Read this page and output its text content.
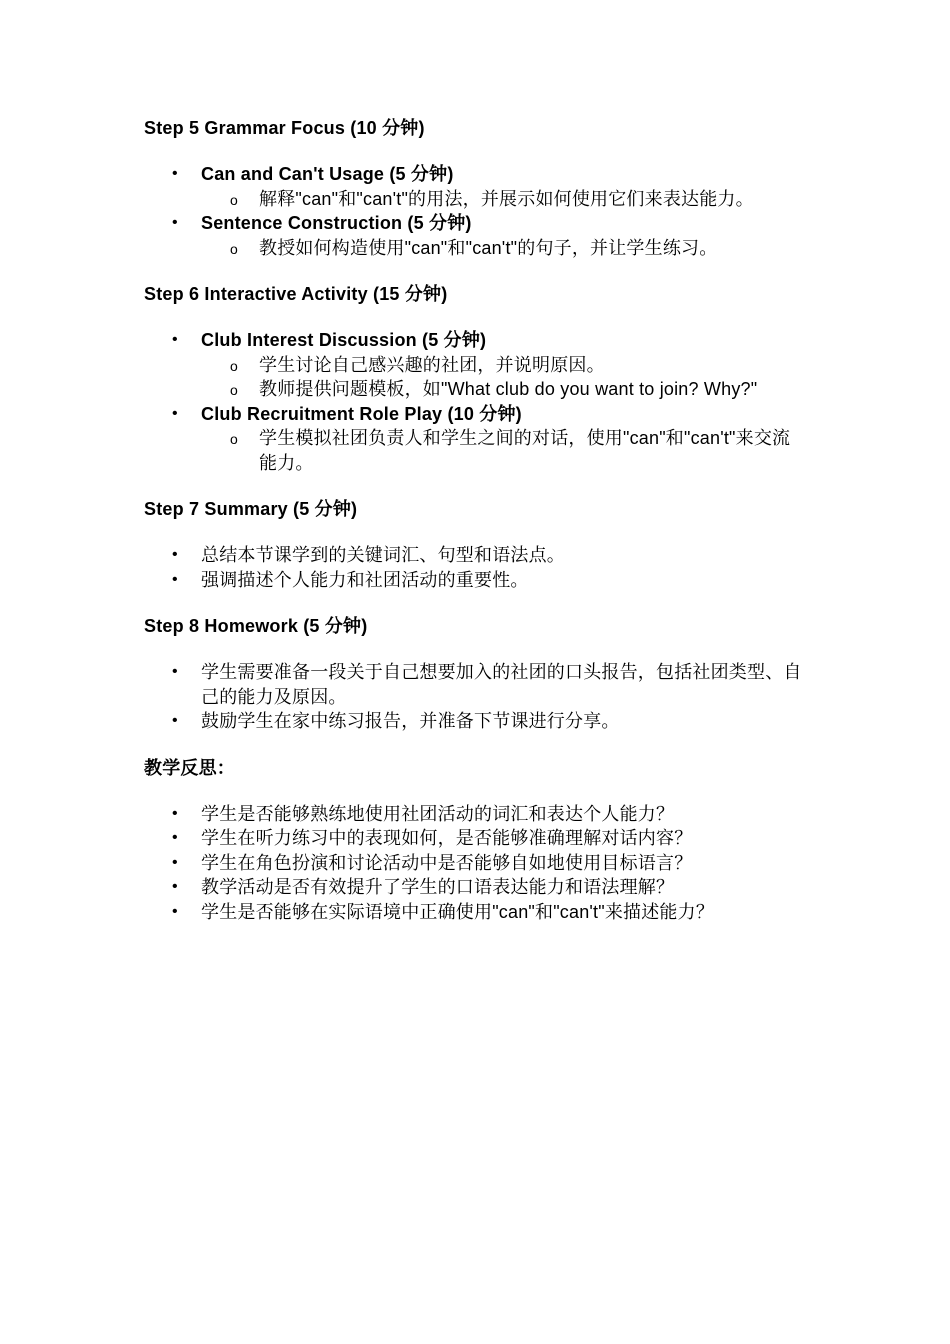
Step 5 Grammar Focus (10 分钟)
• Can and Can't Usage (5 分钟)
o 解释"can"和"can't"的用法，并展示如何使用它们来表达能力。
• Sentence Construction (5 分钟)
o 教授如何构造使用"can"和"can't"的句子，并让学生练习。
Step 6 Interactive Activity (15 分钟)
• Club Interest Discussion (5 分钟)
o 学生讨论自己感兴趣的社团，并说明原因。
o 教师提供问题模板，如"What club do you want to join? Why?"
• Club Recruitment Role Play (10 分钟)
o 学生模拟社团负责人和学生之间的对话，使用"can"和"can't"来交流能力。
Step 7 Summary (5 分钟)
• 总结本节课学到的关键词汇、句型和语法点。
• 强调描述个人能力和社团活动的重要性。
Step 8 Homework (5 分钟)
• 学生需要准备一段关于自己想要加入的社团的口头报告，包括社团类型、自己的能力及原因。
• 鼓励学生在家中练习报告，并准备下节课进行分享。
教学反思：
• 学生是否能够熟练地使用社团活动的词汇和表达个人能力？
• 学生在听力练习中的表现如何，是否能够准确理解对话内容？
• 学生在角色扮演和讨论活动中是否能够自如地使用目标语言？
• 教学活动是否有效提升了学生的口语表达能力和语法理解？
• 学生是否能够在实际语境中正确使用"can"和"can't"来描述能力？
